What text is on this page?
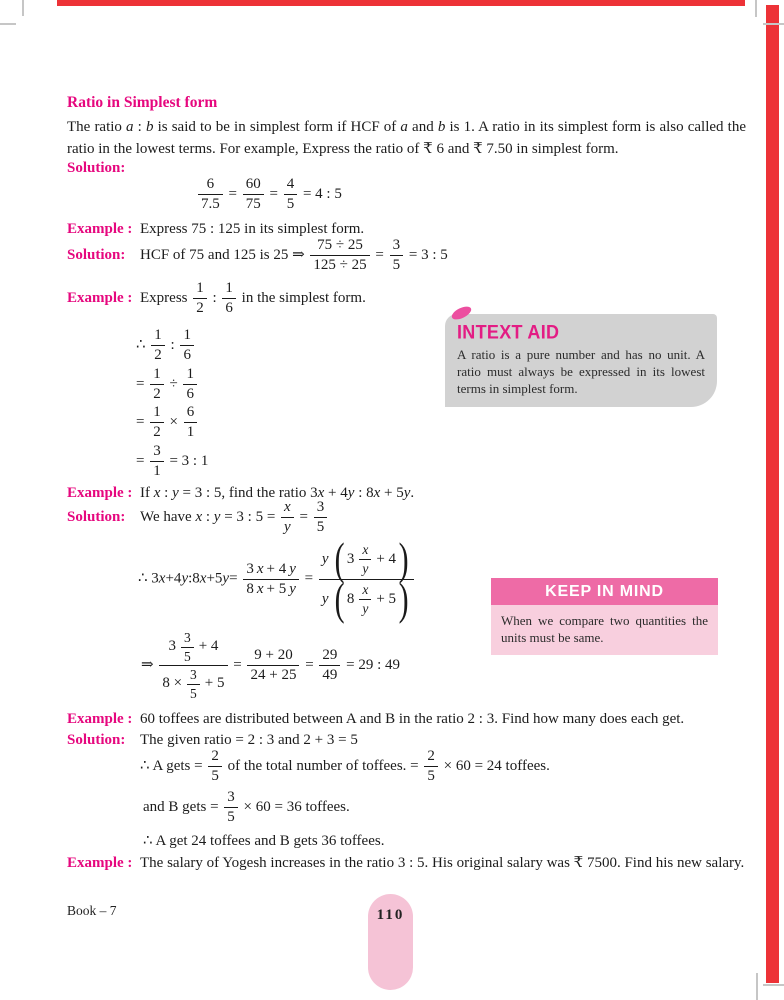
Ratio in Simplest form

The ratio a : b is said to be in simplest form if HCF of a and b is 1. A ratio in its simplest form is also called the ratio in the lowest terms. For example, Express the ratio of ₹ 6 and ₹ 7.50 in simplest form.

Solution:
$\frac{6}{7.5} = \frac{60}{75} = \frac{4}{5} = 4$ : 5
Example : Express 75 : 125 in its simplest form.
Solution: HCF of 75 and 125 is 25 ⇒ $\frac{75 \div 25}{125 \div 25} = \frac{3}{5} = 3$ : 5
Example : Express $\frac{1}{2}$ : $\frac{1}{6}$ in the simplest form.
∴ $\frac{1}{2}$ : $\frac{1}{6}$
= $\frac{1}{2} \div \frac{1}{6}$
= $\frac{1}{2} \times \frac{6}{1}$
= $\frac{3}{1} = 3$ : 1
INTEXT AID
A ratio is a pure number and has no unit. A ratio must always be expressed in its lowest terms in simplest form.
Example : If x : y = 3 : 5, find the ratio 3x + 4y : 8x + 5y.
Solution: We have x : y = 3 : $5 = \frac{x}{y} = \frac{3}{5}$
∴ 3x+4y:8x+5y= $\frac{3 x + 4 y}{8 x + 5 y} = \frac{y ( 3 \frac{x}{y} + 4 )}{y ( 8 \frac{x}{y} + 5 )}$
⇒ $\frac{3 \frac{3}{5} + 4}{8 \times \frac{3}{5} + 5} = \frac{9 + 20}{24 + 25} = \frac{29}{49} = 29$ : 49
KEEP IN MIND
When we compare two quantities the units must be same.
Example : 60 toffees are distributed between A and B in the ratio 2 : 3. Find how many does each get.
Solution: The given ratio = 2 : 3 and 2 + 3 = 5
∴ A gets = $\frac{2}{5}$ of the total number of toffees. = $\frac{2}{5} \times 60 = 24$ toffees.
and B gets = $\frac{3}{5} \times 60 = 36$ toffees.
∴ A get 24 toffees and B gets 36 toffees.
Example : The salary of Yogesh increases in the ratio 3 : 5. His original salary was ₹ 7500. Find his new salary.
Book – 7	110
